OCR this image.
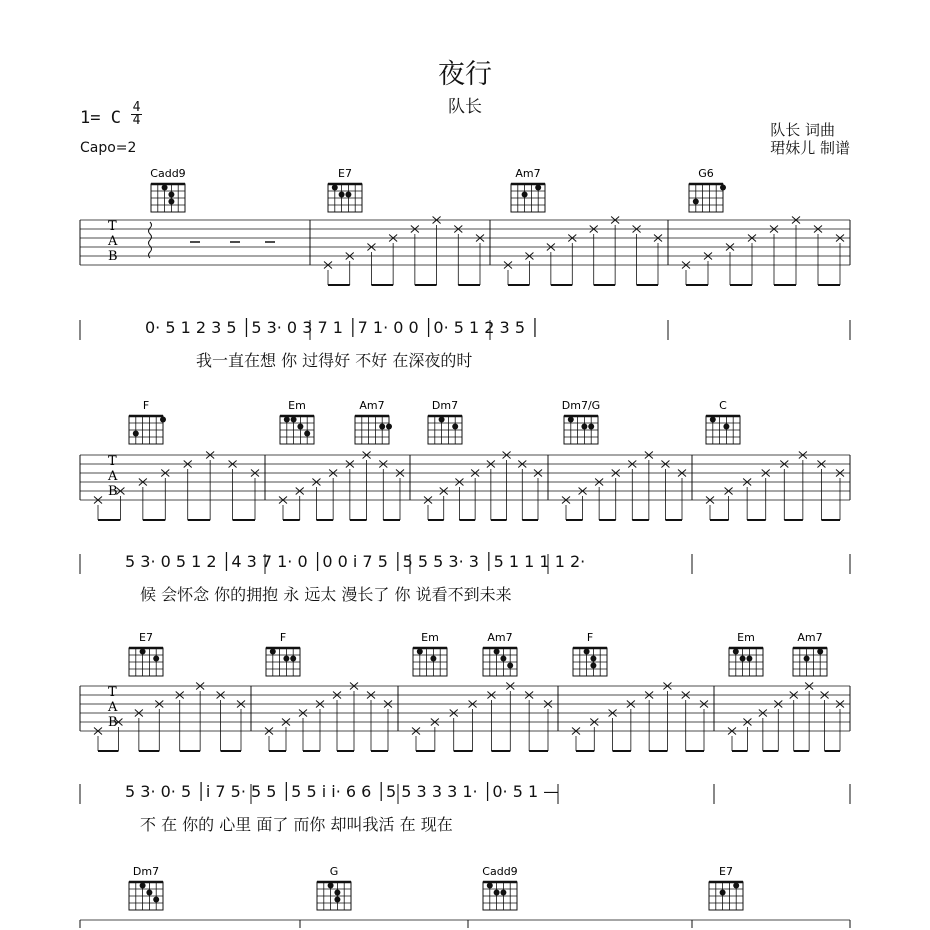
夜行
队长
1= C
4
4
Capo=2
队长 词曲
珺妹儿 制谱
Cadd9	E7	Am7	G6
T
A
B
F	Em	Am7	Dm7	Dm7/G	C
T
A
B
E7	F	Em	Am7	F	Em	Am7
T
A
B
Dm7	G	Cadd9	E7
0· 5 1 2 3 5 │5 3· 0 3 7 1 │7 1· 0 0 │0· 5 1 2 3 5 │
我一直在想 你 过得好 不好 在深夜的时
5 3· 0 5 1 2 │4 3 7 1· 0 │0 0 i 7 5 │5 5 5 3· 3 │5 1 1 1 1 2·
候 会怀念 你的拥抱 永 远太 漫长了 你 说看不到未来
5 3· 0· 5 │i 7 5· 5 5 │5 5 i i· 6 6 │5 5 3 3 3 1· │0· 5 1 —
不 在 你的 心里 面了 而你 却叫我活 在 现在
